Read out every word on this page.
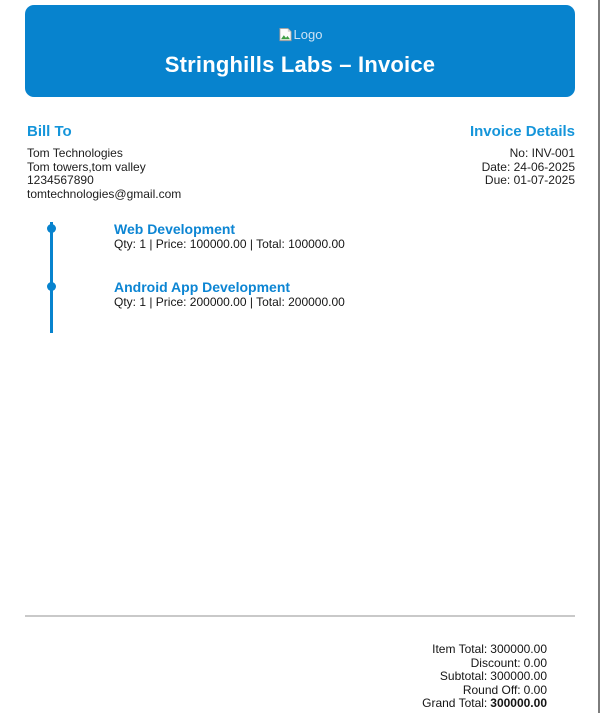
Logo
Stringhills Labs – Invoice
Bill To
Tom Technologies
Tom towers,tom valley
1234567890
tomtechnologies@gmail.com
Invoice Details
No: INV-001
Date: 24-06-2025
Due: 01-07-2025
Web Development
Qty: 1 | Price: 100000.00 | Total: 100000.00
Android App Development
Qty: 1 | Price: 200000.00 | Total: 200000.00
Item Total: 300000.00
Discount: 0.00
Subtotal: 300000.00
Round Off: 0.00
Grand Total: 300000.00
